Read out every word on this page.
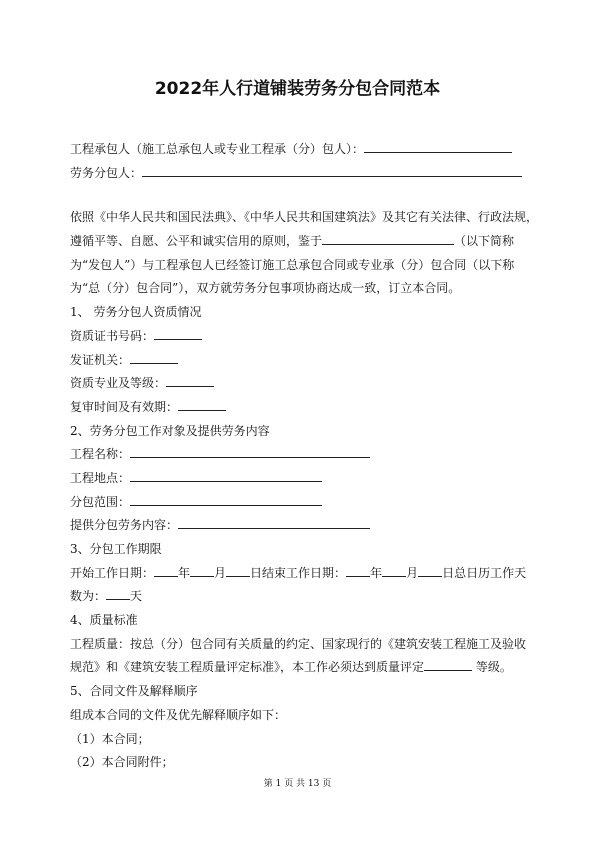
2022年人行道铺装劳务分包合同范本
工程承包人（施工总承包人或专业工程承（分）包人）：
劳务分包人：
依照《中华人民共和国民法典》、《中华人民共和国建筑法》及其它有关法律、行政法规，
遵循平等、自愿、公平和诚实信用的原则，鉴于	（以下简称
为“发包人”）与工程承包人已经签订施工总承包合同或专业承（分）包合同（以下称
为“总（分）包合同”），双方就劳务分包事项协商达成一致，订立本合同。
1、 劳务分包人资质情况
资质证书号码：
发证机关：
资质专业及等级：
复审时间及有效期：
2、劳务分包工作对象及提供劳务内容
工程名称：
工程地点：
分包范围：
提供分包劳务内容：
3、分包工作期限
开始工作日期： 年 月 日结束工作日期： 年 月 日总日历工作天
数为： 天
4、质量标准
工程质量：按总（分）包合同有关质量的约定、国家现行的《建筑安装工程施工及验收
规范》和《建筑安装工程质量评定标准》，本工作必须达到质量评定	等级。
5、合同文件及解释顺序
组成本合同的文件及优先解释顺序如下：
（1）本合同；
（2）本合同附件；
第 1 页 共 13 页
